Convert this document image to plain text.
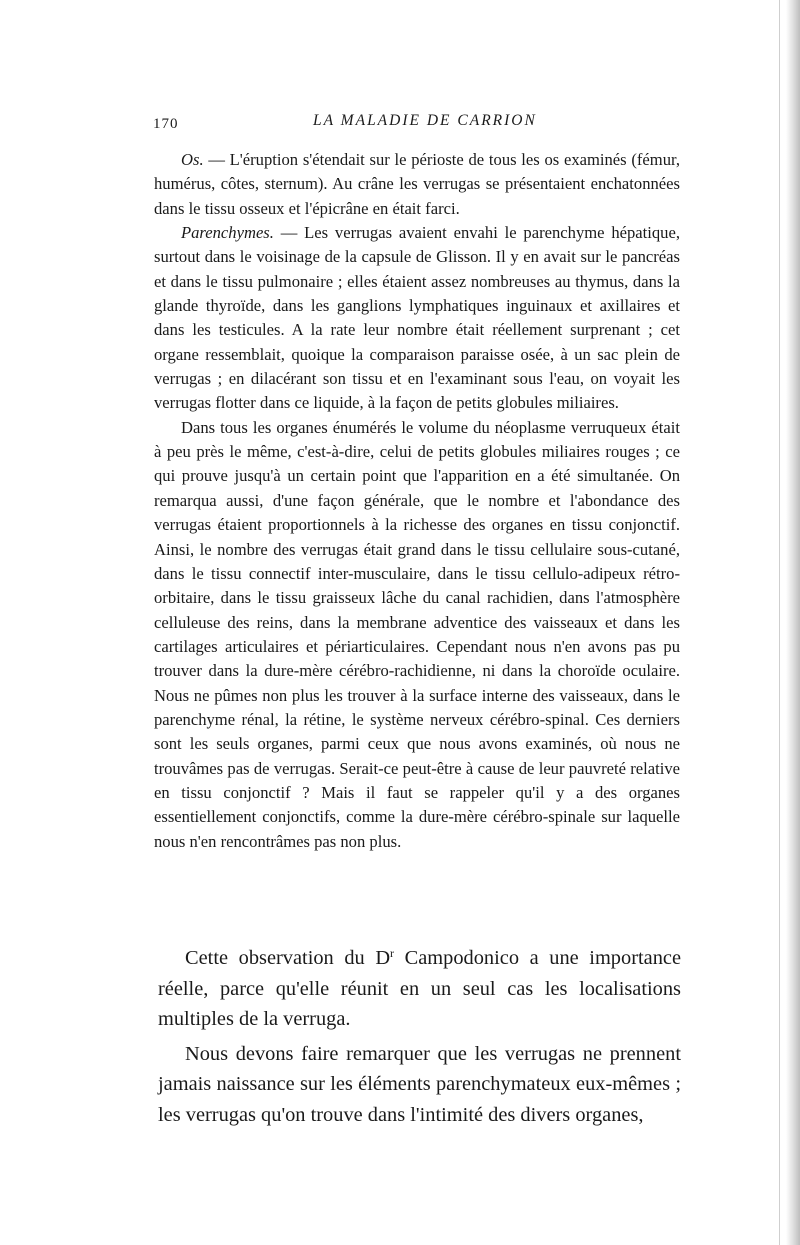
170	LA MALADIE DE CARRION

Os. — L'éruption s'étendait sur le périoste de tous les os examinés (fémur, humérus, côtes, sternum). Au crâne les verrugas se présentaient enchatonnées dans le tissu osseux et l'épicrâne en était farci.

Parenchymes. — Les verrugas avaient envahi le parenchyme hépatique, surtout dans le voisinage de la capsule de Glisson. Il y en avait sur le pancréas et dans le tissu pulmonaire ; elles étaient assez nombreuses au thymus, dans la glande thyroïde, dans les ganglions lymphatiques inguinaux et axillaires et dans les testicules. A la rate leur nombre était réellement surprenant ; cet organe ressemblait, quoique la comparaison paraisse osée, à un sac plein de verrugas ; en dilacérant son tissu et en l'examinant sous l'eau, on voyait les verrugas flotter dans ce liquide, à la façon de petits globules miliaires.

Dans tous les organes énumérés le volume du néoplasme verruqueux était à peu près le même, c'est-à-dire, celui de petits globules miliaires rouges ; ce qui prouve jusqu'à un certain point que l'apparition en a été simultanée. On remarqua aussi, d'une façon générale, que le nombre et l'abondance des verrugas étaient proportionnels à la richesse des organes en tissu conjonctif. Ainsi, le nombre des verrugas était grand dans le tissu cellulaire sous-cutané, dans le tissu connectif inter-musculaire, dans le tissu cellulo-adipeux rétro-orbitaire, dans le tissu graisseux lâche du canal rachidien, dans l'atmosphère celluleuse des reins, dans la membrane adventice des vaisseaux et dans les cartilages articulaires et périarticulaires. Cependant nous n'en avons pas pu trouver dans la dure-mère cérébro-rachidienne, ni dans la choroïde oculaire. Nous ne pûmes non plus les trouver à la surface interne des vaisseaux, dans le parenchyme rénal, la rétine, le système nerveux cérébro-spinal. Ces derniers sont les seuls organes, parmi ceux que nous avons examinés, où nous ne trouvâmes pas de verrugas. Serait-ce peut-être à cause de leur pauvreté relative en tissu conjonctif ? Mais il faut se rappeler qu'il y a des organes essentiellement conjonctifs, comme la dure-mère cérébro-spinale sur laquelle nous n'en rencontrâmes pas non plus.

Cette observation du $D^r$ Campodonico a une importance réelle, parce qu'elle réunit en un seul cas les localisations multiples de la verruga.

Nous devons faire remarquer que les verrugas ne prennent jamais naissance sur les éléments parenchymateux eux-mêmes ; les verrugas qu'on trouve dans l'intimité des divers organes,
